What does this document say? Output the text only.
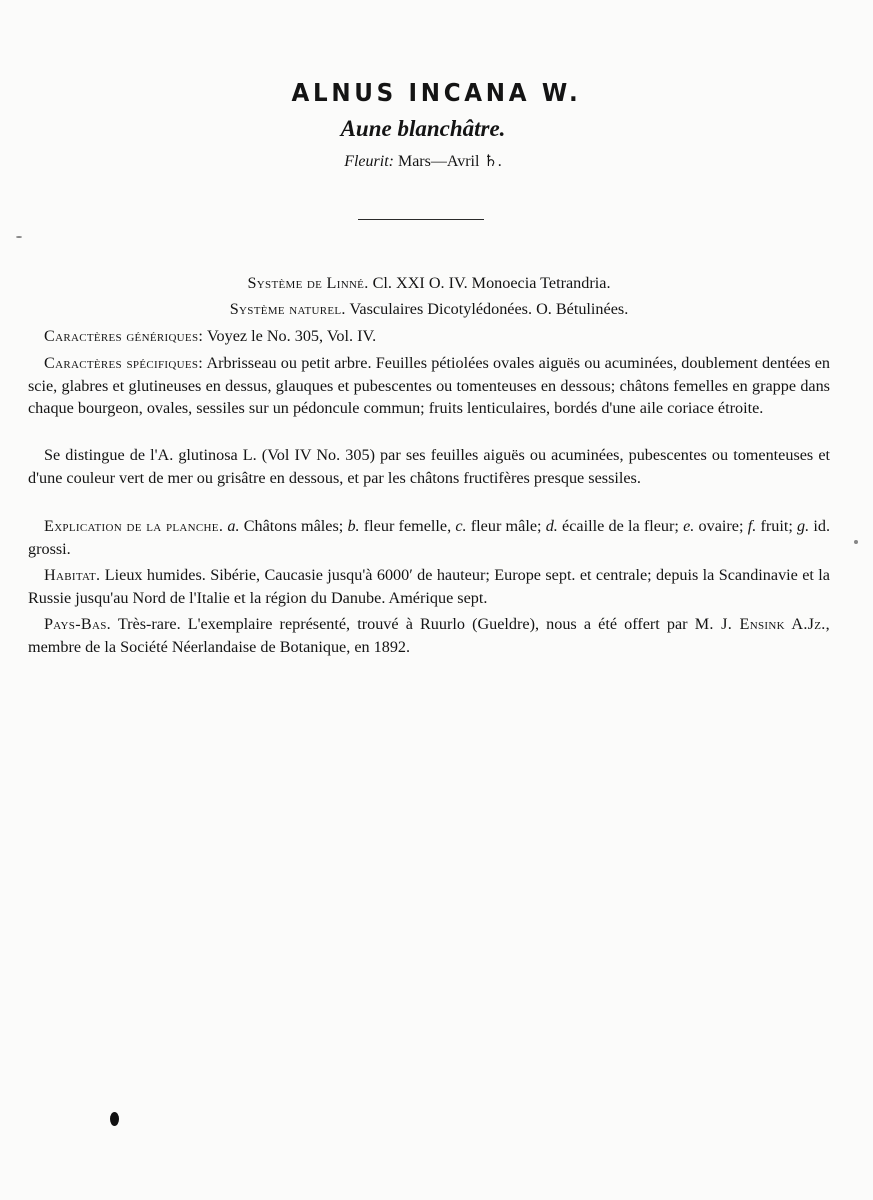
ALNUS INCANA W.
Aune blanchâtre.
Fleurit: Mars—Avril ♄.
Système de Linné. Cl. XXI O. IV. Monoecia Tetrandria.
Système naturel. Vasculaires Dicotylédonées. O. Bétulinées.
Caractères génériques: Voyez le No. 305, Vol. IV.
Caractères spécifiques: Arbrisseau ou petit arbre. Feuilles pétiolées ovales aiguës ou acuminées, doublement dentées en scie, glabres et glutineuses en dessus, glauques et pubescentes ou tomenteuses en dessous; châtons femelles en grappe dans chaque bourgeon, ovales, sessiles sur un pédoncule commun; fruits lenticulaires, bordés d'une aile coriace étroite.
Se distingue de l'A. glutinosa L. (Vol IV No. 305) par ses feuilles aiguës ou acuminées, pubescentes ou tomenteuses et d'une couleur vert de mer ou grisâtre en dessous, et par les châtons fructifères presque sessiles.
Explication de la planche. a. Châtons mâles; b. fleur femelle, c. fleur mâle; d. écaille de la fleur; e. ovaire; f. fruit; g. id. grossi.
Habitat. Lieux humides. Sibérie, Caucasie jusqu'à 6000′ de hauteur; Europe sept. et centrale; depuis la Scandinavie et la Russie jusqu'au Nord de l'Italie et la région du Danube. Amérique sept.
Pays-Bas. Très-rare. L'exemplaire représenté, trouvé à Ruurlo (Gueldre), nous a été offert par M. J. Ensink A.Jz., membre de la Société Néerlandaise de Botanique, en 1892.
